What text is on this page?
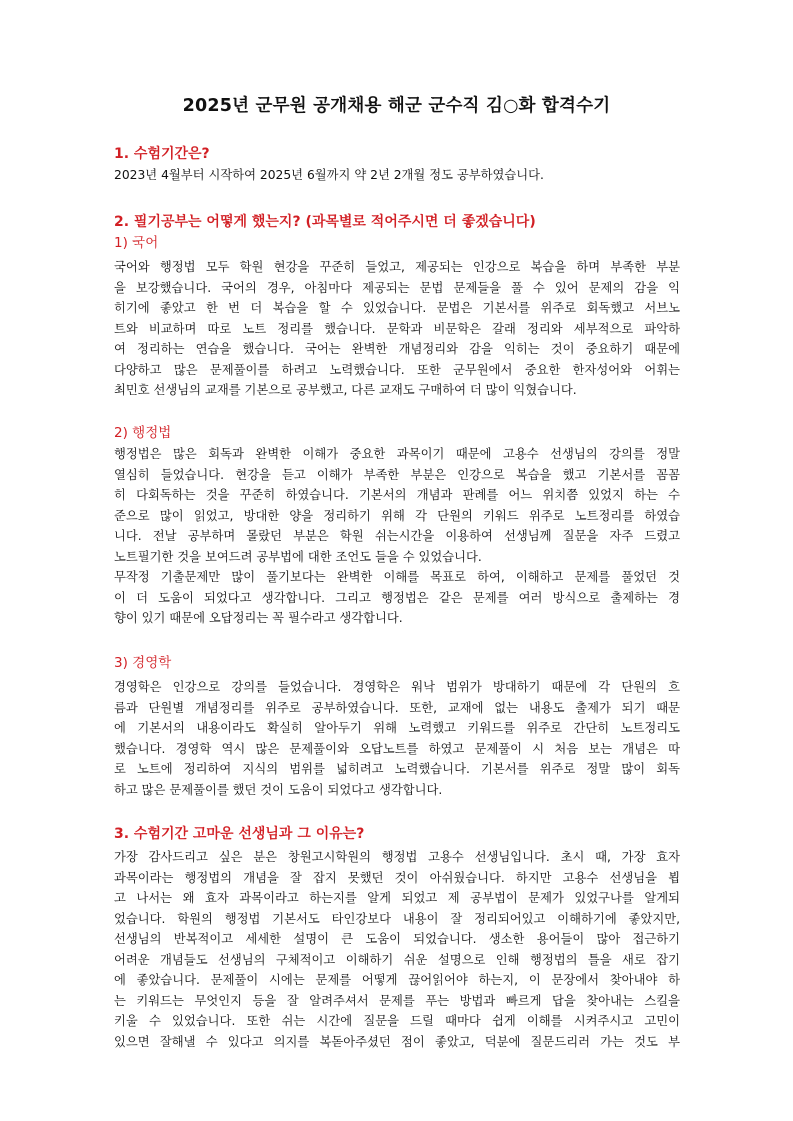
2025년 군무원 공개채용 해군 군수직 김○화 합격수기
1. 수험기간은?
2023년 4월부터 시작하여 2025년 6월까지 약 2년 2개월 정도 공부하였습니다.
2. 필기공부는 어떻게 했는지? (과목별로 적어주시면 더 좋겠습니다)
1) 국어
국어와 행정법 모두 학원 현강을 꾸준히 들었고, 제공되는 인강으로 복습을 하며 부족한 부분
을 보강했습니다. 국어의 경우, 아침마다 제공되는 문법 문제들을 풀 수 있어 문제의 감을 익
히기에 좋았고 한 번 더 복습을 할 수 있었습니다. 문법은 기본서를 위주로 회독했고 서브노
트와 비교하며 따로 노트 정리를 했습니다. 문학과 비문학은 갈래 정리와 세부적으로 파악하
여 정리하는 연습을 했습니다. 국어는 완벽한 개념정리와 감을 익히는 것이 중요하기 때문에
다양하고 많은 문제풀이를 하려고 노력했습니다. 또한 군무원에서 중요한 한자성어와 어휘는
최민호 선생님의 교재를 기본으로 공부했고, 다른 교재도 구매하여 더 많이 익혔습니다.
2) 행정법
행정법은 많은 회독과 완벽한 이해가 중요한 과목이기 때문에 고용수 선생님의 강의를 정말
열심히 들었습니다. 현강을 듣고 이해가 부족한 부분은 인강으로 복습을 했고 기본서를 꼼꼼
히 다회독하는 것을 꾸준히 하였습니다. 기본서의 개념과 판례를 어느 위치쯤 있었지 하는 수
준으로 많이 읽었고, 방대한 양을 정리하기 위해 각 단원의 키워드 위주로 노트정리를 하였습
니다. 전날 공부하며 몰랐던 부분은 학원 쉬는시간을 이용하여 선생님께 질문을 자주 드렸고
노트필기한 것을 보여드려 공부법에 대한 조언도 들을 수 있었습니다.
무작정 기출문제만 많이 풀기보다는 완벽한 이해를 목표로 하여, 이해하고 문제를 풀었던 것
이 더 도움이 되었다고 생각합니다. 그리고 행정법은 같은 문제를 여러 방식으로 출제하는 경
향이 있기 때문에 오답정리는 꼭 필수라고 생각합니다.
3) 경영학
경영학은 인강으로 강의를 들었습니다. 경영학은 워낙 범위가 방대하기 때문에 각 단원의 흐
름과 단원별 개념정리를 위주로 공부하였습니다. 또한, 교재에 없는 내용도 출제가 되기 때문
에 기본서의 내용이라도 확실히 알아두기 위해 노력했고 키워드를 위주로 간단히 노트정리도
했습니다. 경영학 역시 많은 문제풀이와 오답노트를 하였고 문제풀이 시 처음 보는 개념은 따
로 노트에 정리하여 지식의 범위를 넓히려고 노력했습니다. 기본서를 위주로 정말 많이 회독
하고 많은 문제풀이를 했던 것이 도움이 되었다고 생각합니다.
3. 수험기간 고마운 선생님과 그 이유는?
가장 감사드리고 싶은 분은 창원고시학원의 행정법 고용수 선생님입니다. 초시 때, 가장 효자
과목이라는 행정법의 개념을 잘 잡지 못했던 것이 아쉬웠습니다. 하지만 고용수 선생님을 뵙
고 나서는 왜 효자 과목이라고 하는지를 알게 되었고 제 공부법이 문제가 있었구나를 알게되
었습니다. 학원의 행정법 기본서도 타인강보다 내용이 잘 정리되어있고 이해하기에 좋았지만,
선생님의 반복적이고 세세한 설명이 큰 도움이 되었습니다. 생소한 용어들이 많아 접근하기
어려운 개념들도 선생님의 구체적이고 이해하기 쉬운 설명으로 인해 행정법의 틀을 새로 잡기
에 좋았습니다. 문제풀이 시에는 문제를 어떻게 끊어읽어야 하는지, 이 문장에서 찾아내야 하
는 키워드는 무엇인지 등을 잘 알려주셔서 문제를 푸는 방법과 빠르게 답을 찾아내는 스킬을
키울 수 있었습니다. 또한 쉬는 시간에 질문을 드릴 때마다 쉽게 이해를 시켜주시고 고민이
있으면 잘해낼 수 있다고 의지를 복돋아주셨던 점이 좋았고, 덕분에 질문드리러 가는 것도 부
